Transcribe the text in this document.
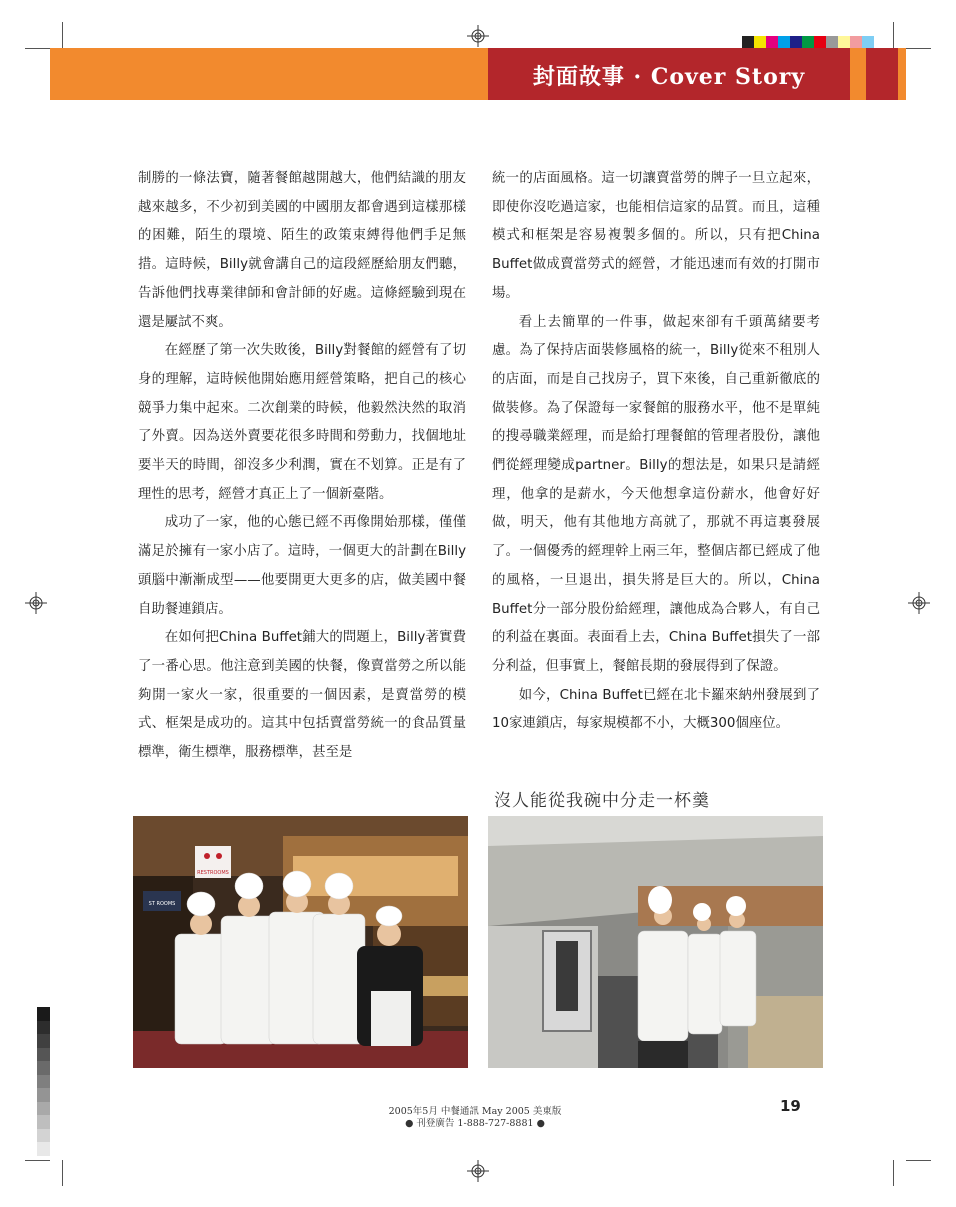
封面故事 · Cover Story

制勝的一條法寶，隨著餐館越開越大，他們結識的朋友越來越多，不少初到美國的中國朋友都會遇到這樣那樣的困難，陌生的環境、陌生的政策束縛得他們手足無措。這時候，Billy就會講自己的這段經歷給朋友們聽，告訴他們找專業律師和會計師的好處。這條經驗到現在還是屢試不爽。

在經歷了第一次失敗後，Billy對餐館的經營有了切身的理解，這時候他開始應用經營策略，把自己的核心競爭力集中起來。二次創業的時候，他毅然決然的取消了外賣。因為送外賣要花很多時間和勞動力，找個地址要半天的時間，卻沒多少利潤，實在不划算。正是有了理性的思考，經營才真正上了一個新臺階。

成功了一家，他的心態已經不再像開始那樣，僅僅滿足於擁有一家小店了。這時，一個更大的計劃在Billy頭腦中漸漸成型——他要開更大更多的店，做美國中餐自助餐連鎖店。

在如何把China Buffet鋪大的問題上，Billy著實費了一番心思。他注意到美國的快餐，像賣當勞之所以能夠開一家火一家，很重要的一個因素，是賣當勞的模式、框架是成功的。這其中包括賣當勞統一的食品質量標準，衛生標準，服務標準，甚至是

統一的店面風格。這一切讓賣當勞的牌子一旦立起來，即使你沒吃過這家，也能相信這家的品質。而且，這種模式和框架是容易複製多個的。所以，只有把China Buffet做成賣當勞式的經營，才能迅速而有效的打開市場。

看上去簡單的一件事，做起來卻有千頭萬緒要考慮。為了保持店面裝修風格的統一，Billy從來不租別人的店面，而是自己找房子，買下來後，自己重新徹底的做裝修。為了保證每一家餐館的服務水平，他不是單純的搜尋職業經理，而是給打理餐館的管理者股份，讓他們從經理變成partner。Billy的想法是，如果只是請經理，他拿的是薪水，今天他想拿這份薪水，他會好好做，明天，他有其他地方高就了，那就不再這裏發展了。一個優秀的經理幹上兩三年，整個店都已經成了他的風格，一旦退出，損失將是巨大的。所以，China Buffet分一部分股份給經理，讓他成為合夥人，有自己的利益在裏面。表面看上去，China Buffet損失了一部分利益，但事實上，餐館長期的發展得到了保證。

如今，China Buffet已經在北卡羅來納州發展到了10家連鎖店，每家規模都不小，大概300個座位。

沒人能從我碗中分走一杯羹
ST ROOMS
RESTROOMS
2005年5月 中餐通訊 May 2005 美東版
● 刊登廣告 1-888-727-8881 ●
19
